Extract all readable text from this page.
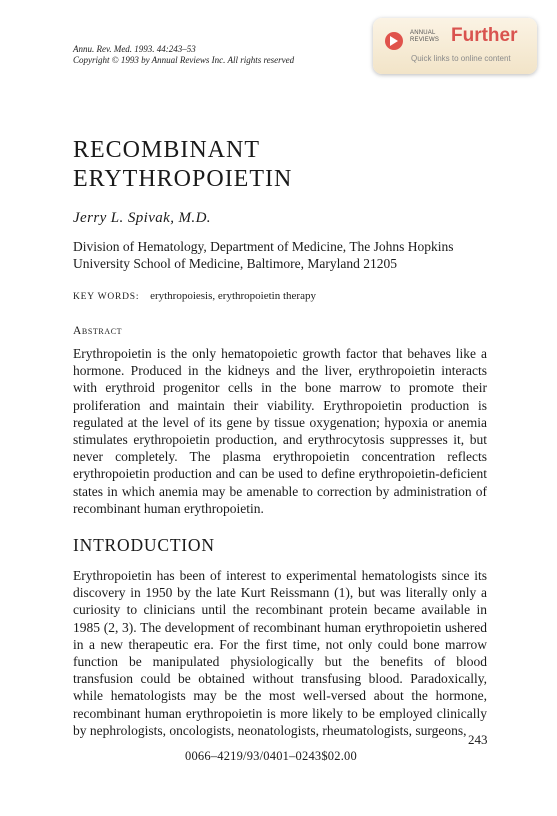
Annu. Rev. Med. 1993. 44:243–53
Copyright © 1993 by Annual Reviews Inc. All rights reserved
ANNUAL
REVIEWS Further
Quick links to online content
RECOMBINANT
ERYTHROPOIETIN
Jerry L. Spivak, M.D.
Division of Hematology, Department of Medicine, The Johns Hopkins
University School of Medicine, Baltimore, Maryland 21205
KEY WORDS: erythropoiesis, erythropoietin therapy
Abstract
Erythropoietin is the only hematopoietic growth factor that behaves like a hormone. Produced in the kidneys and the liver, erythropoietin interacts with erythroid progenitor cells in the bone marrow to promote their proliferation and maintain their viability. Erythropoietin production is regulated at the level of its gene by tissue oxygenation; hypoxia or anemia stimulates erythropoietin production, and erythrocytosis suppresses it, but never completely. The plasma erythropoietin concentration reflects erythropoietin production and can be used to define erythropoietin-deficient states in which anemia may be amenable to correction by administration of recombinant human erythropoietin.
INTRODUCTION
Erythropoietin has been of interest to experimental hematologists since its discovery in 1950 by the late Kurt Reissmann (1), but was literally only a curiosity to clinicians until the recombinant protein became available in 1985 (2, 3). The development of recombinant human erythropoietin ushered in a new therapeutic era. For the first time, not only could bone marrow function be manipulated physiologically but the benefits of blood transfusion could be obtained without transfusing blood. Paradoxically, while hematologists may be the most well-versed about the hormone, recombinant human erythropoietin is more likely to be employed clinically by nephrologists, oncologists, neonatologists, rheumatologists, surgeons,
243
0066–4219/93/0401–0243$02.00
